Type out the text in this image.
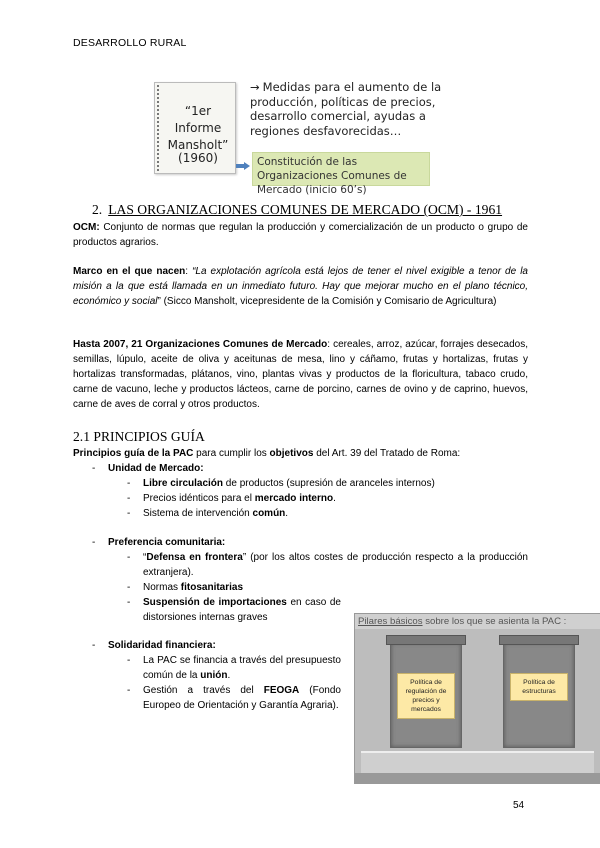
DESARROLLO RURAL
“1er Informe Mansholt”
(1960)
→ Medidas para el aumento de la producción, políticas de precios, desarrollo comercial, ayudas a regiones desfavorecidas…
Constitución de las Organizaciones Comunes de Mercado (inicio 60’s)
2. LAS ORGANIZACIONES COMUNES DE MERCADO (OCM) - 1961
OCM: Conjunto de normas que regulan la producción y comercialización de un producto o grupo de productos agrarios.
Marco en el que nacen: “La explotación agrícola está lejos de tener el nivel exigible a tenor de la misión a la que está llamada en un inmediato futuro. Hay que mejorar mucho en el plano técnico, económico y social” (Sicco Mansholt, vicepresidente de la Comisión y Comisario de Agricultura)
Hasta 2007, 21 Organizaciones Comunes de Mercado: cereales, arroz, azúcar, forrajes desecados, semillas, lúpulo, aceite de oliva y aceitunas de mesa, lino y cáñamo, frutas y hortalizas, frutas y hortalizas transformadas, plátanos, vino, plantas vivas y productos de la floricultura, tabaco crudo, carne de vacuno, leche y productos lácteos, carne de porcino, carnes de ovino y de caprino, huevos, carne de aves de corral y otros productos.
2.1 PRINCIPIOS GUÍA
Principios guía de la PAC para cumplir los objetivos del Art. 39 del Tratado de Roma:
- Unidad de Mercado:
- Libre circulación de productos (supresión de aranceles internos)
- Precios idénticos para el mercado interno.
- Sistema de intervención común.
- Preferencia comunitaria:
- “Defensa en frontera” (por los altos costes de producción respecto a la producción extranjera).
- Normas fitosanitarias
- Suspensión de importaciones en caso de distorsiones internas graves
- Solidaridad financiera:
- La PAC se financia a través del presupuesto común de la unión.
- Gestión a través del FEOGA (Fondo Europeo de Orientación y Garantía Agraria).
Pilares básicos sobre los que se asienta la PAC :
Política de regulación de precios y mercados
Política de estructuras
54
